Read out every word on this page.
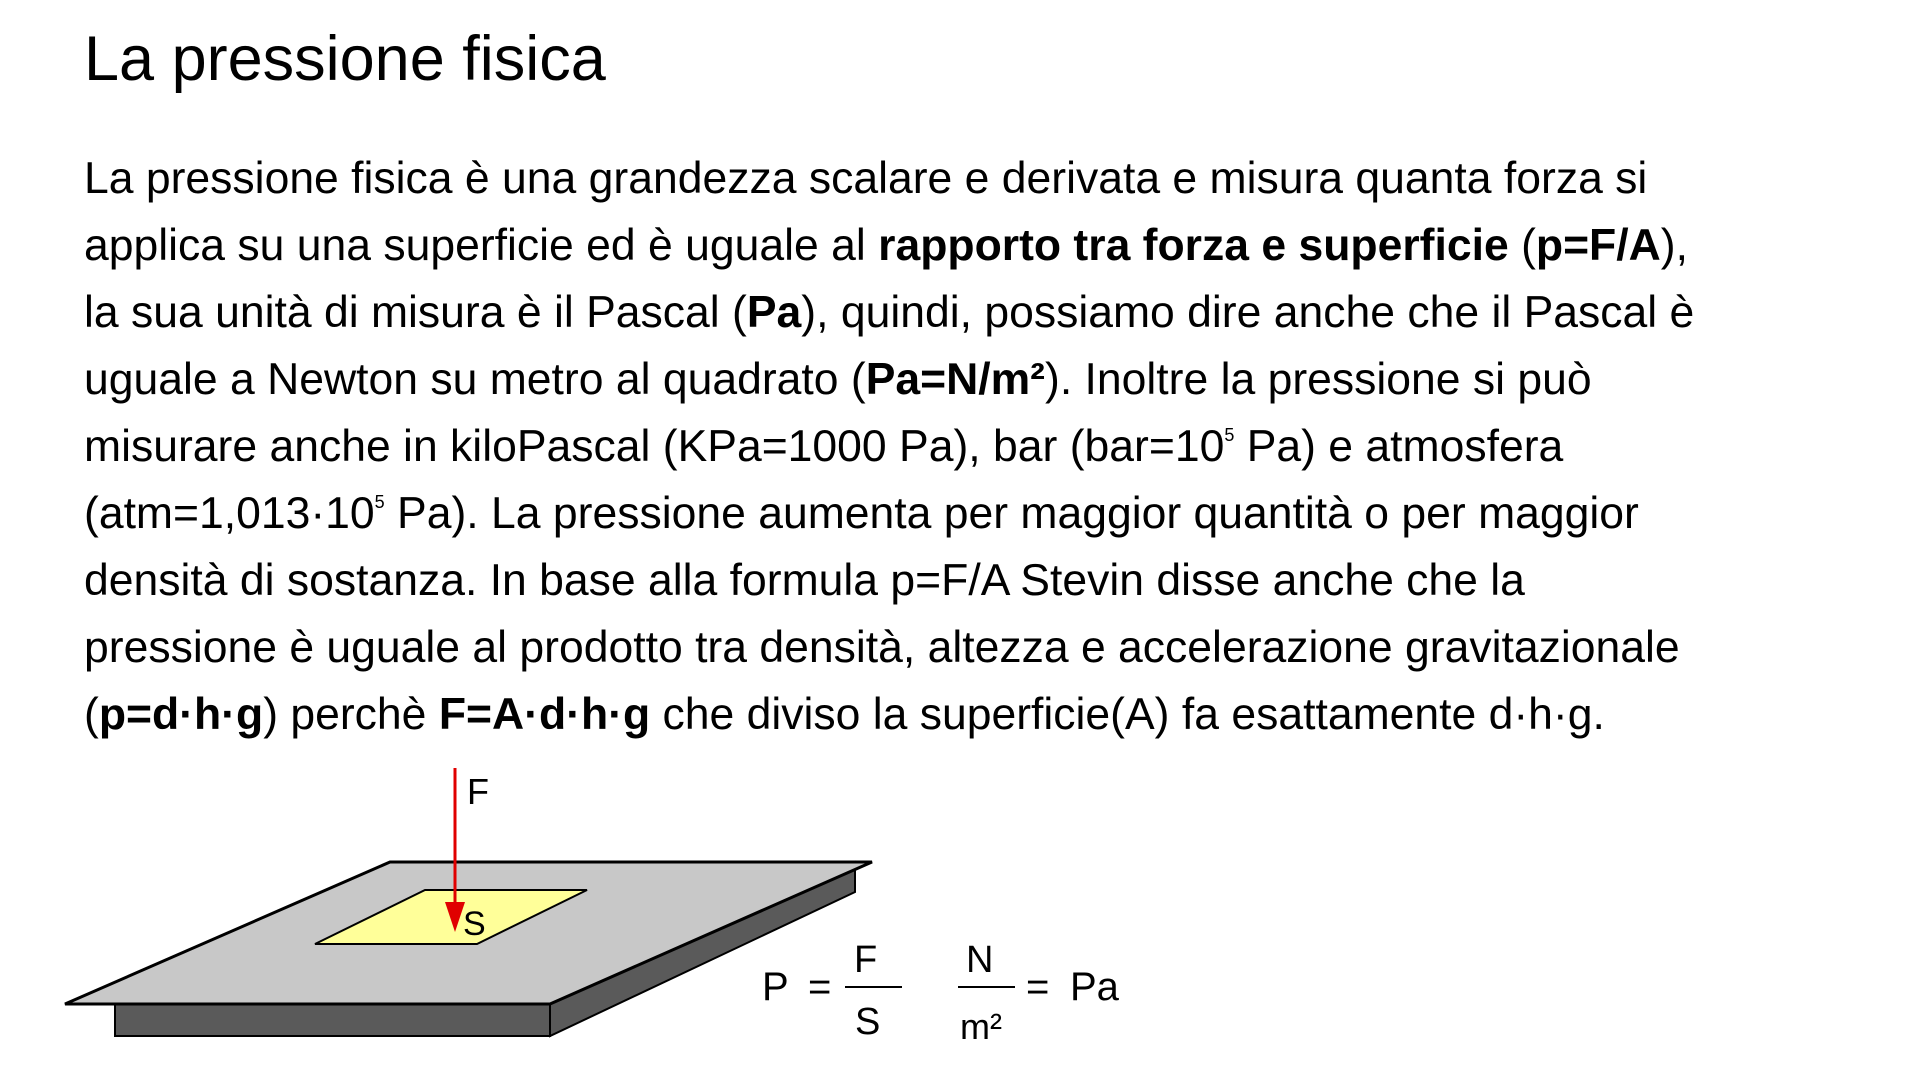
La pressione fisica

La pressione fisica è una grandezza scalare e derivata e misura quanta forza si
applica su una superficie ed è uguale al rapporto tra forza e superficie (p=F/A),
la sua unità di misura è il Pascal (Pa), quindi, possiamo dire anche che il Pascal è
uguale a Newton su metro al quadrato (Pa=N/m²). Inoltre la pressione si può
misurare anche in kiloPascal (KPa=1000 Pa), bar ($bar=10^5$ Pa) e atmosfera
($atm=1,013\cdot 10^5$ Pa). La pressione aumenta per maggior quantità o per maggior
densità di sostanza. In base alla formula p=F/A Stevin disse anche che la
pressione è uguale al prodotto tra densità, altezza e accelerazione gravitazionale
(p=d·h·g) perchè F=A·d·h·g che diviso la superficie(A) fa esattamente d·h·g.

F
S
P =
F
S
N
m²
= Pa
